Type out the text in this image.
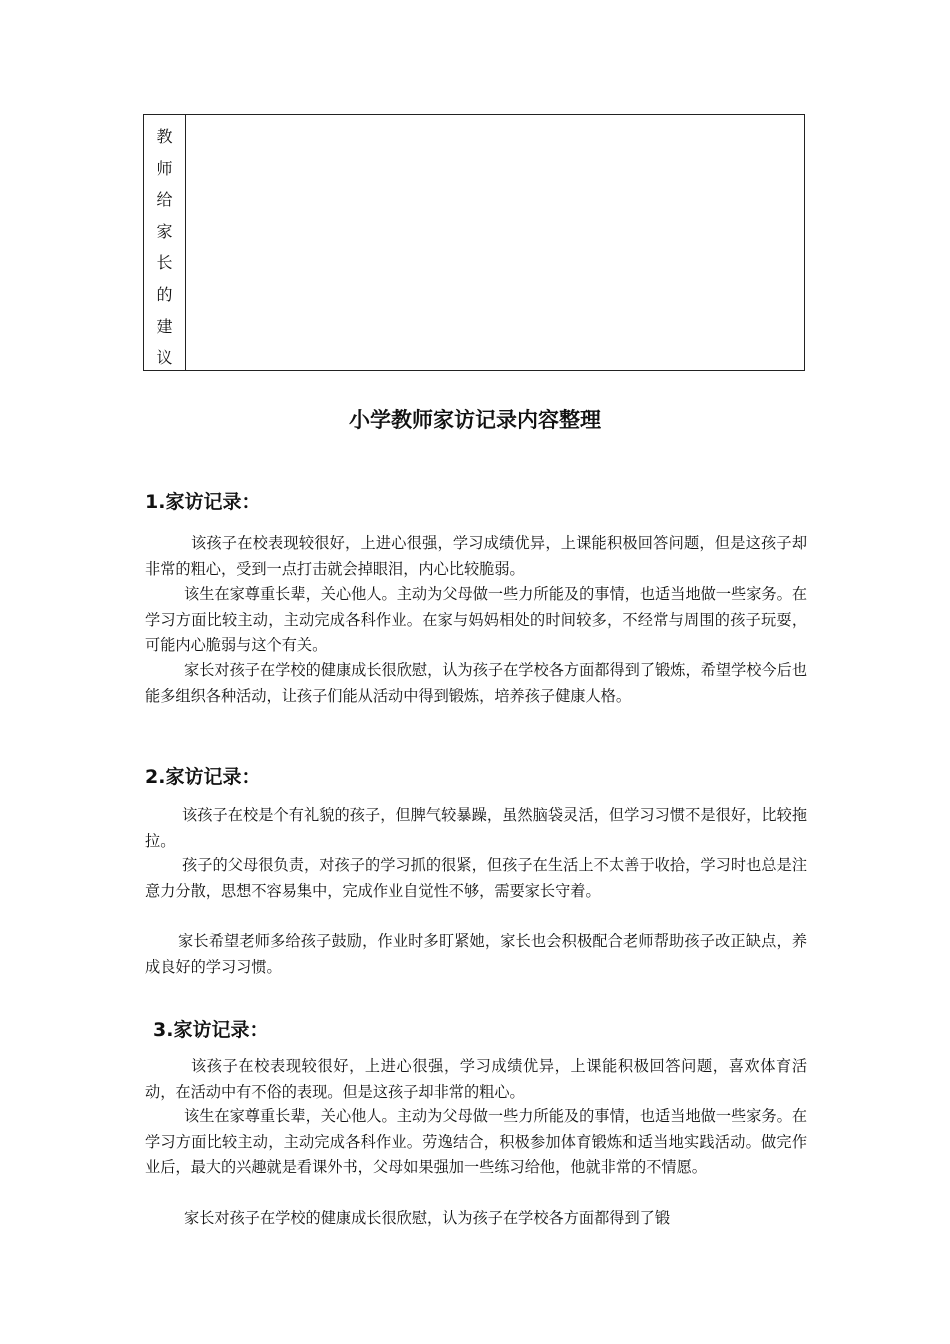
教
师
给
家
长
的
建
议
小学教师家访记录内容整理
1.家访记录：

该孩子在校表现较很好，上进心很强，学习成绩优异，上课能积极回答问题，但是这孩子却非常的粗心，受到一点打击就会掉眼泪，内心比较脆弱。

该生在家尊重长辈，关心他人。主动为父母做一些力所能及的事情，也适当地做一些家务。在学习方面比较主动，主动完成各科作业。在家与妈妈相处的时间较多，不经常与周围的孩子玩耍，可能内心脆弱与这个有关。

家长对孩子在学校的健康成长很欣慰，认为孩子在学校各方面都得到了锻炼，希望学校今后也能多组织各种活动，让孩子们能从活动中得到锻炼，培养孩子健康人格。

2.家访记录：

该孩子在校是个有礼貌的孩子，但脾气较暴躁，虽然脑袋灵活，但学习习惯不是很好，比较拖拉。

孩子的父母很负责，对孩子的学习抓的很紧，但孩子在生活上不太善于收拾，学习时也总是注意力分散，思想不容易集中，完成作业自觉性不够，需要家长守着。

家长希望老师多给孩子鼓励，作业时多盯紧她，家长也会积极配合老师帮助孩子改正缺点，养成良好的学习习惯。

3.家访记录：

该孩子在校表现较很好，上进心很强，学习成绩优异，上课能积极回答问题，喜欢体育活动，在活动中有不俗的表现。但是这孩子却非常的粗心。

该生在家尊重长辈，关心他人。主动为父母做一些力所能及的事情，也适当地做一些家务。在学习方面比较主动，主动完成各科作业。劳逸结合，积极参加体育锻炼和适当地实践活动。做完作业后，最大的兴趣就是看课外书，父母如果强加一些练习给他，他就非常的不情愿。

家长对孩子在学校的健康成长很欣慰，认为孩子在学校各方面都得到了锻
